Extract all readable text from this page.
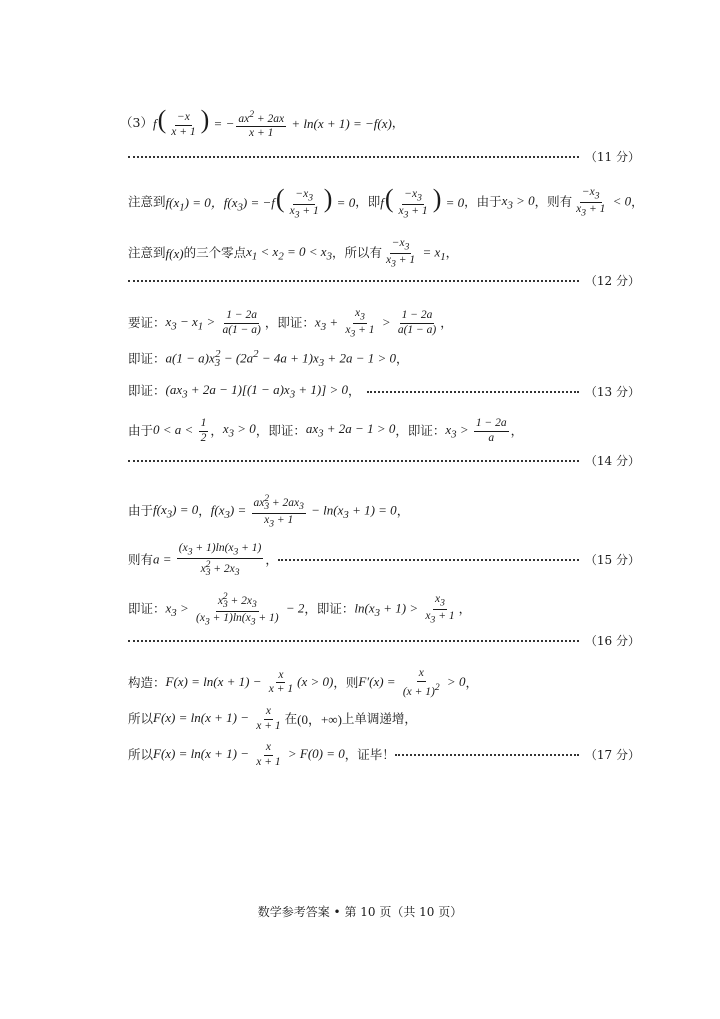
（3） $f( \frac{-x}{x + 1}$ ) = − $\frac{ax^2 + 2ax}{x + 1} + \ln(x + 1) = -f(x)$ ，
（11 分）
注意到 $f(x_1) = 0$，$f(x_3) = -f( \frac{-x_3}{x_3 + 1}$ ) = 0 ，即 $f( \frac{-x_3}{x_3 + 1}$ ) = 0 ，由于 $x_3 > 0$ ，则有 $\frac{-x_3}{x_3 + 1} < 0$ ，
注意到 f(x) 的三个零点 $x_1 < x_2 = 0 < x_3$ ，所以有 $\frac{-x_3}{x_3 + 1} = x_1$ ，
（12 分）
要证： $x_3 - x_1 > \frac{1 - 2a}{a(1 - a)}$ ，即证： $x_3 + \frac{x_3}{x_3 + 1} > \frac{1 - 2a}{a(1 - a)}$ ，
即证： $a(1 - a)x_3^2 - (2a^2 - 4a + 1)x_3 + 2a - 1 > 0$ ，
即证： $(ax_3 + 2a - 1)[(1 - a)x_3 + 1)] > 0$ ，	（13 分）
由于 $0 < a < \frac{1}{2}$ ， $x_3 > 0$ ，即证： $ax_3 + 2a - 1 > 0$ ，即证： $x_3 > \frac{1 - 2a}{a}$ ，
（14 分）
由于 $f(x_3) = 0$ ， $f(x_3) = \frac{ax_3^2 + 2ax_3}{x_3 + 1} - \ln(x_3 + 1) = 0$ ，
则有 $a = \frac{(x_3 + 1)\ln(x_3 + 1)}{x_3^2 + 2x_3}$ ，	（15 分）
即证： $x_3 > \frac{x_3^2 + 2x_3}{(x_3 + 1)\ln(x_3 + 1)} - 2$ ，即证： $\ln(x_3 + 1) > \frac{x_3}{x_3 + 1}$ ，
（16 分）
构造： $F(x) = \ln(x + 1) - \frac{x}{x + 1} (x > 0)$ ，则 $F'(x) = \frac{x}{(x + 1)^2} > 0$ ，
所以 $F(x) = \ln(x + 1) - \frac{x}{x + 1}$ 在 (0，+∞) 上单调递增，
所以 $F(x) = \ln(x + 1) - \frac{x}{x + 1} > F(0) = 0$ ，证毕！	（17 分）
数学参考答案 • 第 10 页（共 10 页）
